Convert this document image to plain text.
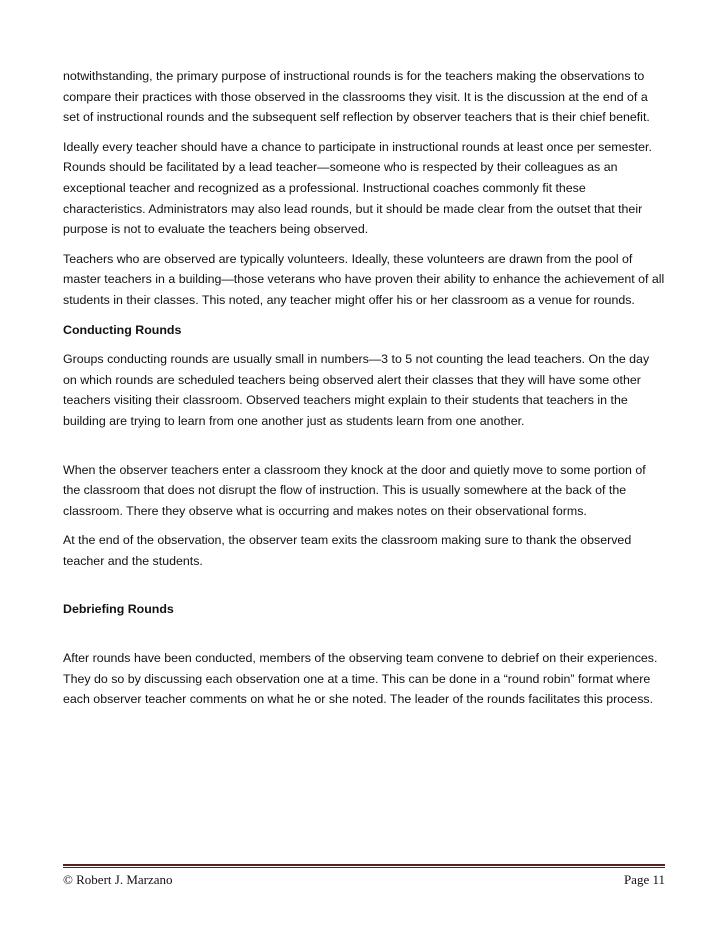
notwithstanding, the primary purpose of instructional rounds is for the teachers making the observations to compare their practices with those observed in the classrooms they visit. It is the discussion at the end of a set of instructional rounds and the subsequent self reflection by observer teachers that is their chief benefit.

Ideally every teacher should have a chance to participate in instructional rounds at least once per semester. Rounds should be facilitated by a lead teacher—someone who is respected by their colleagues as an exceptional teacher and recognized as a professional. Instructional coaches commonly fit these characteristics. Administrators may also lead rounds, but it should be made clear from the outset that their purpose is not to evaluate the teachers being observed.

Teachers who are observed are typically volunteers. Ideally, these volunteers are drawn from the pool of master teachers in a building—those veterans who have proven their ability to enhance the achievement of all students in their classes. This noted, any teacher might offer his or her classroom as a venue for rounds.

Conducting Rounds

Groups conducting rounds are usually small in numbers—3 to 5 not counting the lead teachers. On the day on which rounds are scheduled teachers being observed alert their classes that they will have some other teachers visiting their classroom. Observed teachers might explain to their students that teachers in the building are trying to learn from one another just as students learn from one another.

When the observer teachers enter a classroom they knock at the door and quietly move to some portion of the classroom that does not disrupt the flow of instruction. This is usually somewhere at the back of the classroom. There they observe what is occurring and makes notes on their observational forms.

At the end of the observation, the observer team exits the classroom making sure to thank the observed teacher and the students.

Debriefing Rounds

After rounds have been conducted, members of the observing team convene to debrief on their experiences. They do so by discussing each observation one at a time. This can be done in a “round robin” format where each observer teacher comments on what he or she noted. The leader of the rounds facilitates this process.

© Robert J. Marzano	Page 11
